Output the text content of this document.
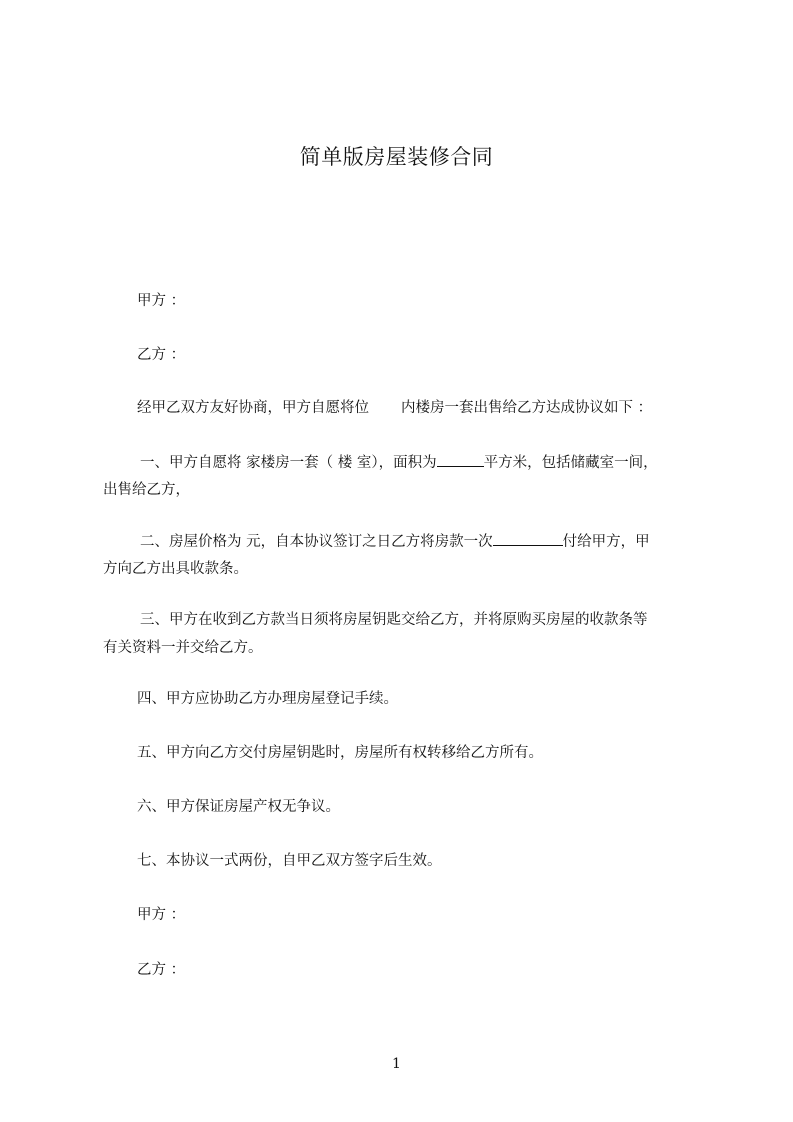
简单版房屋装修合同
甲方 ：
乙方 ：
经甲乙双方友好协商，甲方自愿将位 内楼房一套出售给乙方达成协议如下 ：
一、甲方自愿将 家楼房一套（ 楼 室），面积为	平方米，包括储藏室一间，
出售给乙方，
二、房屋价格为 元，自本协议签订之日乙方将房款一次	付给甲方，甲
方向乙方出具收款条。
三、甲方在收到乙方款当日须将房屋钥匙交给乙方，并将原购买房屋的收款条等
有关资料一并交给乙方。
四、甲方应协助乙方办理房屋登记手续。
五、甲方向乙方交付房屋钥匙时，房屋所有权转移给乙方所有。
六、甲方保证房屋产权无争议。
七、本协议一式两份，自甲乙双方签字后生效。
甲方 ：
乙方 ：
1
